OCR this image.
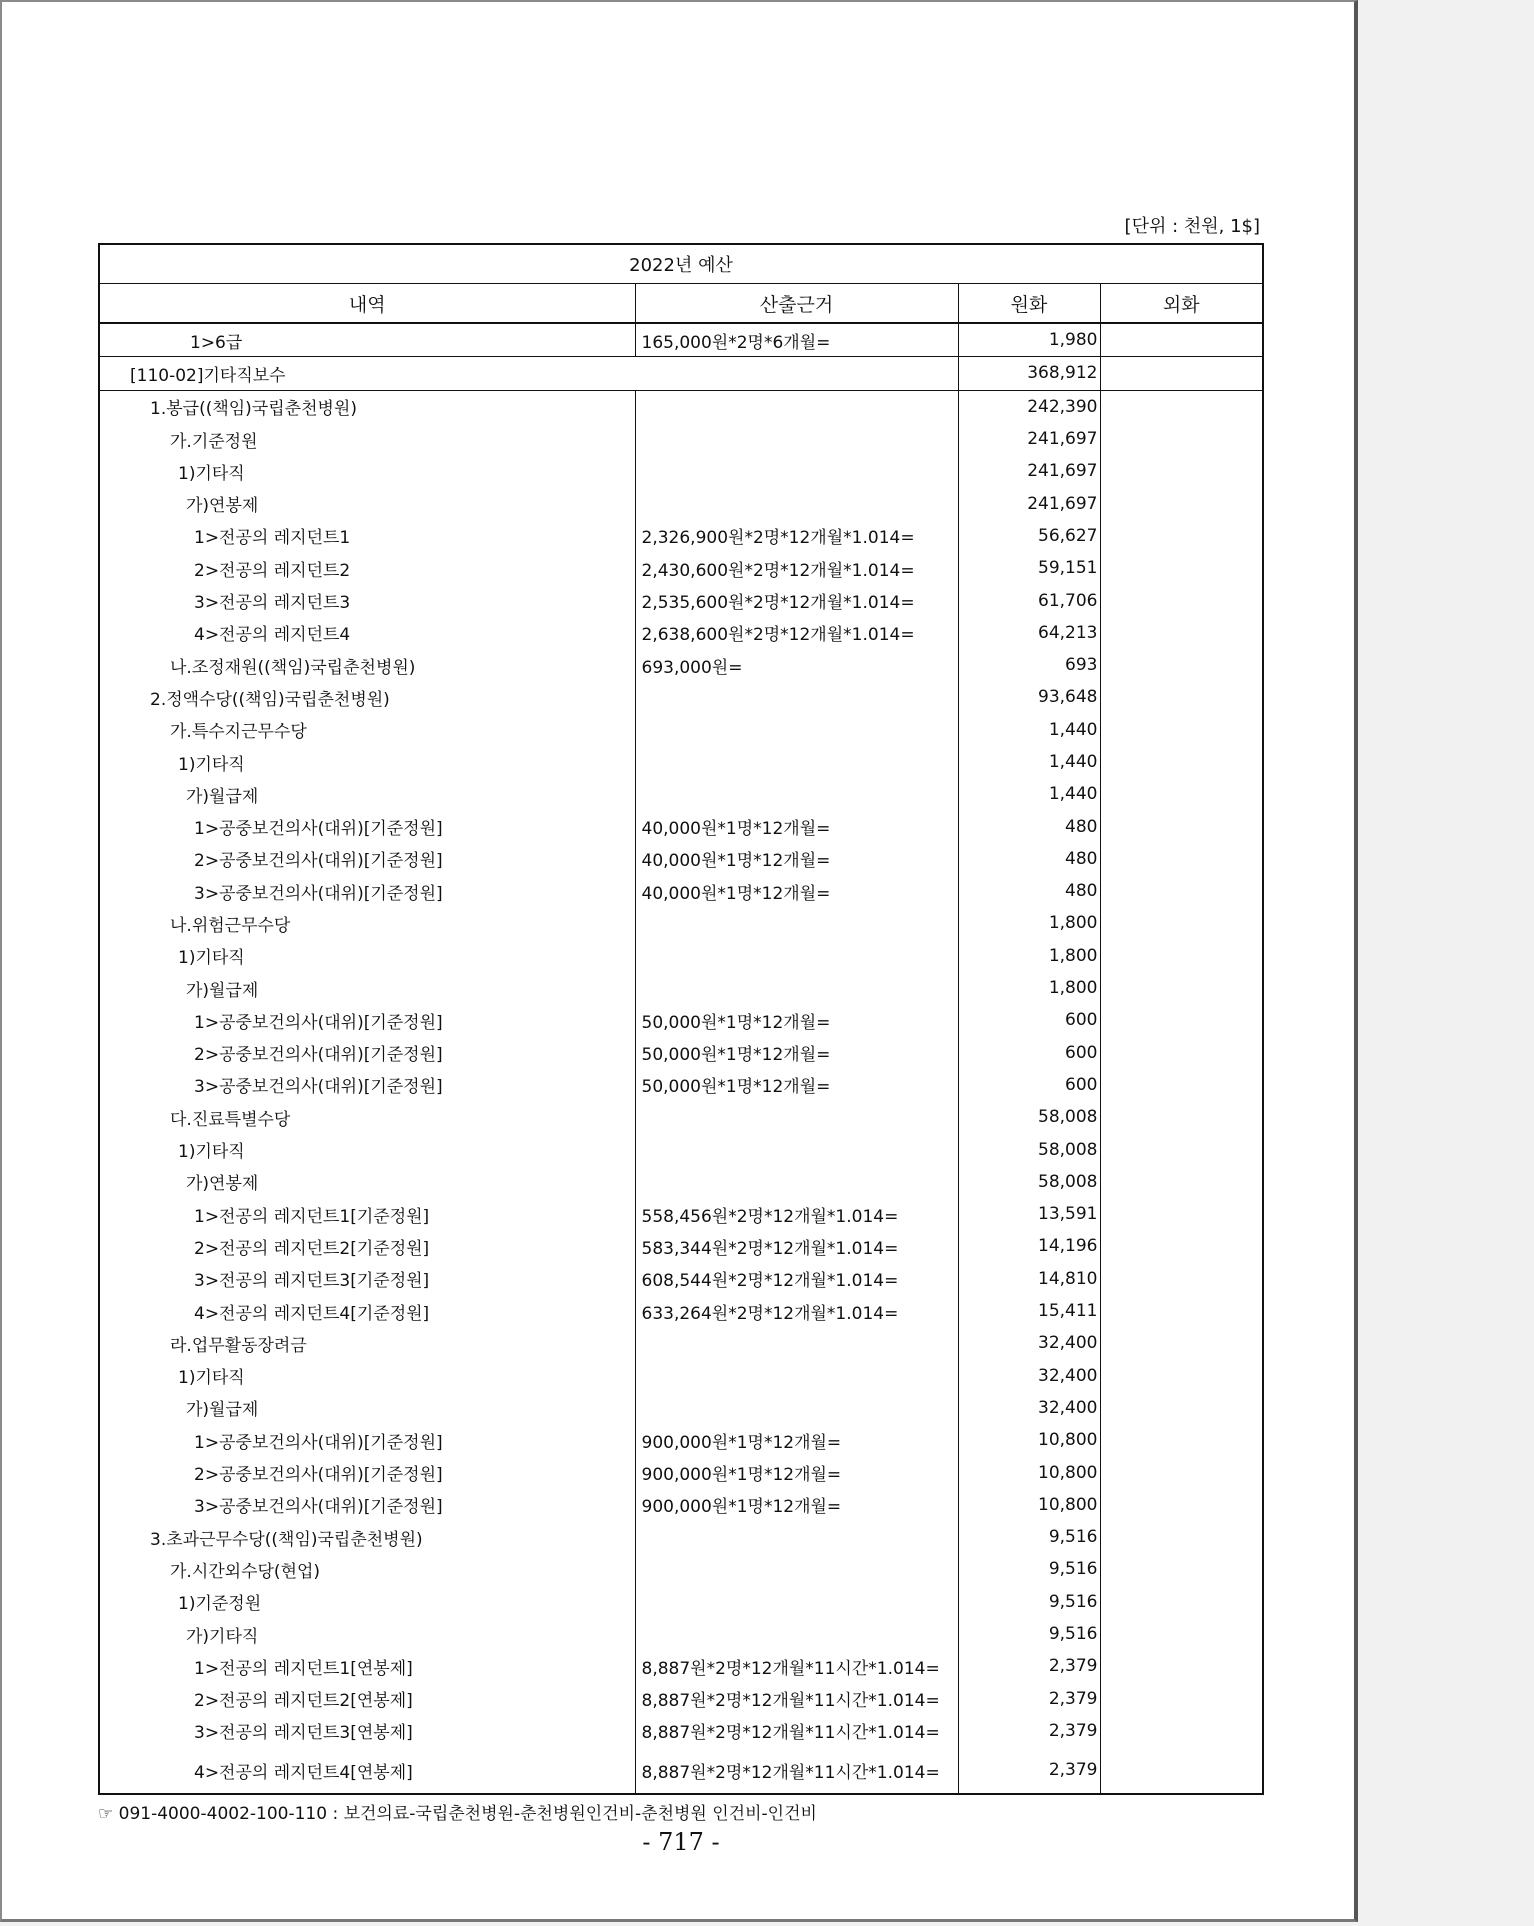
[단위 : 천원, 1$]
2022년 예산			
내역	산출근거	원화	외화
1>6급	165,000원*2명*6개월=	1,980	
[110-02]기타직보수		368,912	
1.봉급((책임)국립춘천병원)		242,390	
가.기준정원		241,697	
1)기타직		241,697	
가)연봉제		241,697	
1>전공의 레지던트1	2,326,900원*2명*12개월*1.014=	56,627	
2>전공의 레지던트2	2,430,600원*2명*12개월*1.014=	59,151	
3>전공의 레지던트3	2,535,600원*2명*12개월*1.014=	61,706	
4>전공의 레지던트4	2,638,600원*2명*12개월*1.014=	64,213	
나.조정재원((책임)국립춘천병원)	693,000원=	693	
2.정액수당((책임)국립춘천병원)		93,648	
가.특수지근무수당		1,440	
1)기타직		1,440	
가)월급제		1,440	
1>공중보건의사(대위)[기준정원]	40,000원*1명*12개월=	480	
2>공중보건의사(대위)[기준정원]	40,000원*1명*12개월=	480	
3>공중보건의사(대위)[기준정원]	40,000원*1명*12개월=	480	
나.위험근무수당		1,800	
1)기타직		1,800	
가)월급제		1,800	
1>공중보건의사(대위)[기준정원]	50,000원*1명*12개월=	600	
2>공중보건의사(대위)[기준정원]	50,000원*1명*12개월=	600	
3>공중보건의사(대위)[기준정원]	50,000원*1명*12개월=	600	
다.진료특별수당		58,008	
1)기타직		58,008	
가)연봉제		58,008	
1>전공의 레지던트1[기준정원]	558,456원*2명*12개월*1.014=	13,591	
2>전공의 레지던트2[기준정원]	583,344원*2명*12개월*1.014=	14,196	
3>전공의 레지던트3[기준정원]	608,544원*2명*12개월*1.014=	14,810	
4>전공의 레지던트4[기준정원]	633,264원*2명*12개월*1.014=	15,411	
라.업무활동장려금		32,400	
1)기타직		32,400	
가)월급제		32,400	
1>공중보건의사(대위)[기준정원]	900,000원*1명*12개월=	10,800	
2>공중보건의사(대위)[기준정원]	900,000원*1명*12개월=	10,800	
3>공중보건의사(대위)[기준정원]	900,000원*1명*12개월=	10,800	
3.초과근무수당((책임)국립춘천병원)		9,516	
가.시간외수당(현업)		9,516	
1)기준정원		9,516	
가)기타직		9,516	
1>전공의 레지던트1[연봉제]	8,887원*2명*12개월*11시간*1.014=	2,379	
2>전공의 레지던트2[연봉제]	8,887원*2명*12개월*11시간*1.014=	2,379	
3>전공의 레지던트3[연봉제]	8,887원*2명*12개월*11시간*1.014=	2,379	
4>전공의 레지던트4[연봉제]	8,887원*2명*12개월*11시간*1.014=	2,379	
☞ 091-4000-4002-100-110 : 보건의료-국립춘천병원-춘천병원인건비-춘천병원 인건비-인건비
- 717 -
